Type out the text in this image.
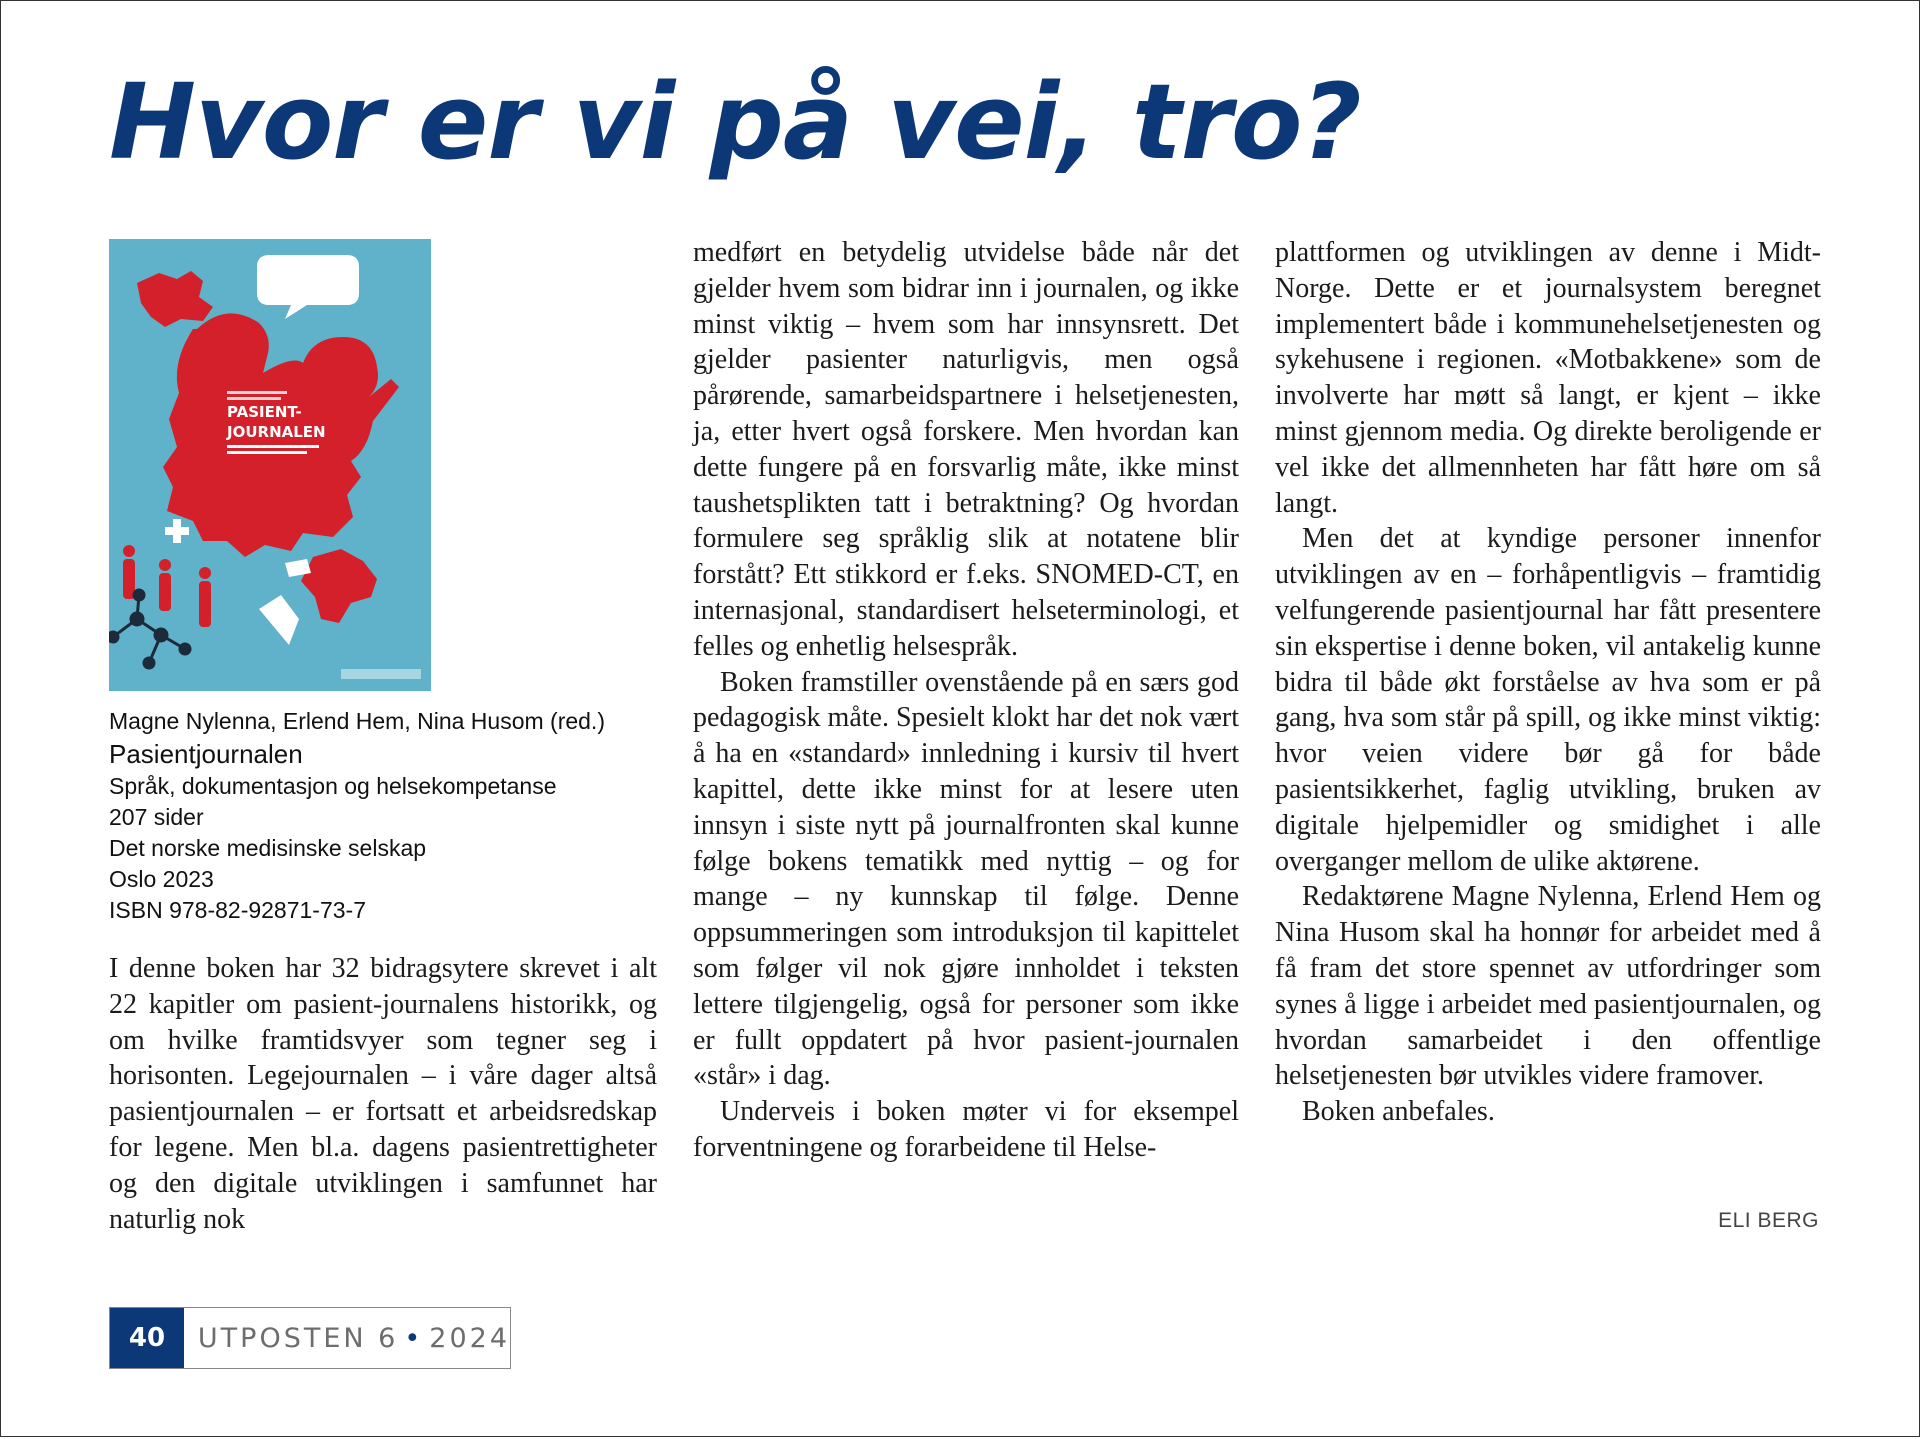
Hvor er vi på vei, tro?
PASIENT-
JOURNALEN
Magne Nylenna, Erlend Hem, Nina Husom (red.)
Pasientjournalen
Språk, dokumentasjon og helsekompetanse
207 sider
Det norske medisinske selskap
Oslo 2023
ISBN 978-82-92871-73-7

I denne boken har 32 bidragsytere skrevet i alt 22 kapitler om pasient-journalens historikk, og om hvilke framtidsvyer som tegner seg i horisonten. Legejournalen – i våre dager altså pasientjournalen – er fortsatt et arbeidsredskap for legene. Men bl.a. dagens pasientrettigheter og den digitale utviklingen i samfunnet har naturlig nok

medført en betydelig utvidelse både når det gjelder hvem som bidrar inn i journalen, og ikke minst viktig – hvem som har innsynsrett. Det gjelder pasienter naturligvis, men også pårørende, samarbeidspartnere i helsetjenesten, ja, etter hvert også forskere. Men hvordan kan dette fungere på en forsvarlig måte, ikke minst taushetsplikten tatt i betraktning? Og hvordan formulere seg språklig slik at notatene blir forstått? Ett stikkord er f.eks. SNOMED-CT, en internasjonal, standardisert helseterminologi, et felles og enhetlig helsespråk.

Boken framstiller ovenstående på en særs god pedagogisk måte. Spesielt klokt har det nok vært å ha en «standard» innledning i kursiv til hvert kapittel, dette ikke minst for at lesere uten innsyn i siste nytt på journalfronten skal kunne følge bokens tematikk med nyttig – og for mange – ny kunnskap til følge. Denne oppsummeringen som introduksjon til kapittelet som følger vil nok gjøre innholdet i teksten lettere tilgjengelig, også for personer som ikke er fullt oppdatert på hvor pasient-journalen «står» i dag.

Underveis i boken møter vi for eksempel forventningene og forarbeidene til Helse-

plattformen og utviklingen av denne i Midt-Norge. Dette er et journalsystem beregnet implementert både i kommunehelsetjenesten og sykehusene i regionen. «Motbakkene» som de involverte har møtt så langt, er kjent – ikke minst gjennom media. Og direkte beroligende er vel ikke det allmennheten har fått høre om så langt.

Men det at kyndige personer innenfor utviklingen av en – forhåpentligvis – framtidig velfungerende pasientjournal har fått presentere sin ekspertise i denne boken, vil antakelig kunne bidra til både økt forståelse av hva som er på gang, hva som står på spill, og ikke minst viktig: hvor veien videre bør gå for både pasientsikkerhet, faglig utvikling, bruken av digitale hjelpemidler og smidighet i alle overganger mellom de ulike aktørene.

Redaktørene Magne Nylenna, Erlend Hem og Nina Husom skal ha honnør for arbeidet med å få fram det store spennet av utfordringer som synes å ligge i arbeidet med pasientjournalen, og hvordan samarbeidet i den offentlige helsetjenesten bør utvikles videre framover.

Boken anbefales.

ELI BERG
40	UTPOSTEN 6 • 2024
